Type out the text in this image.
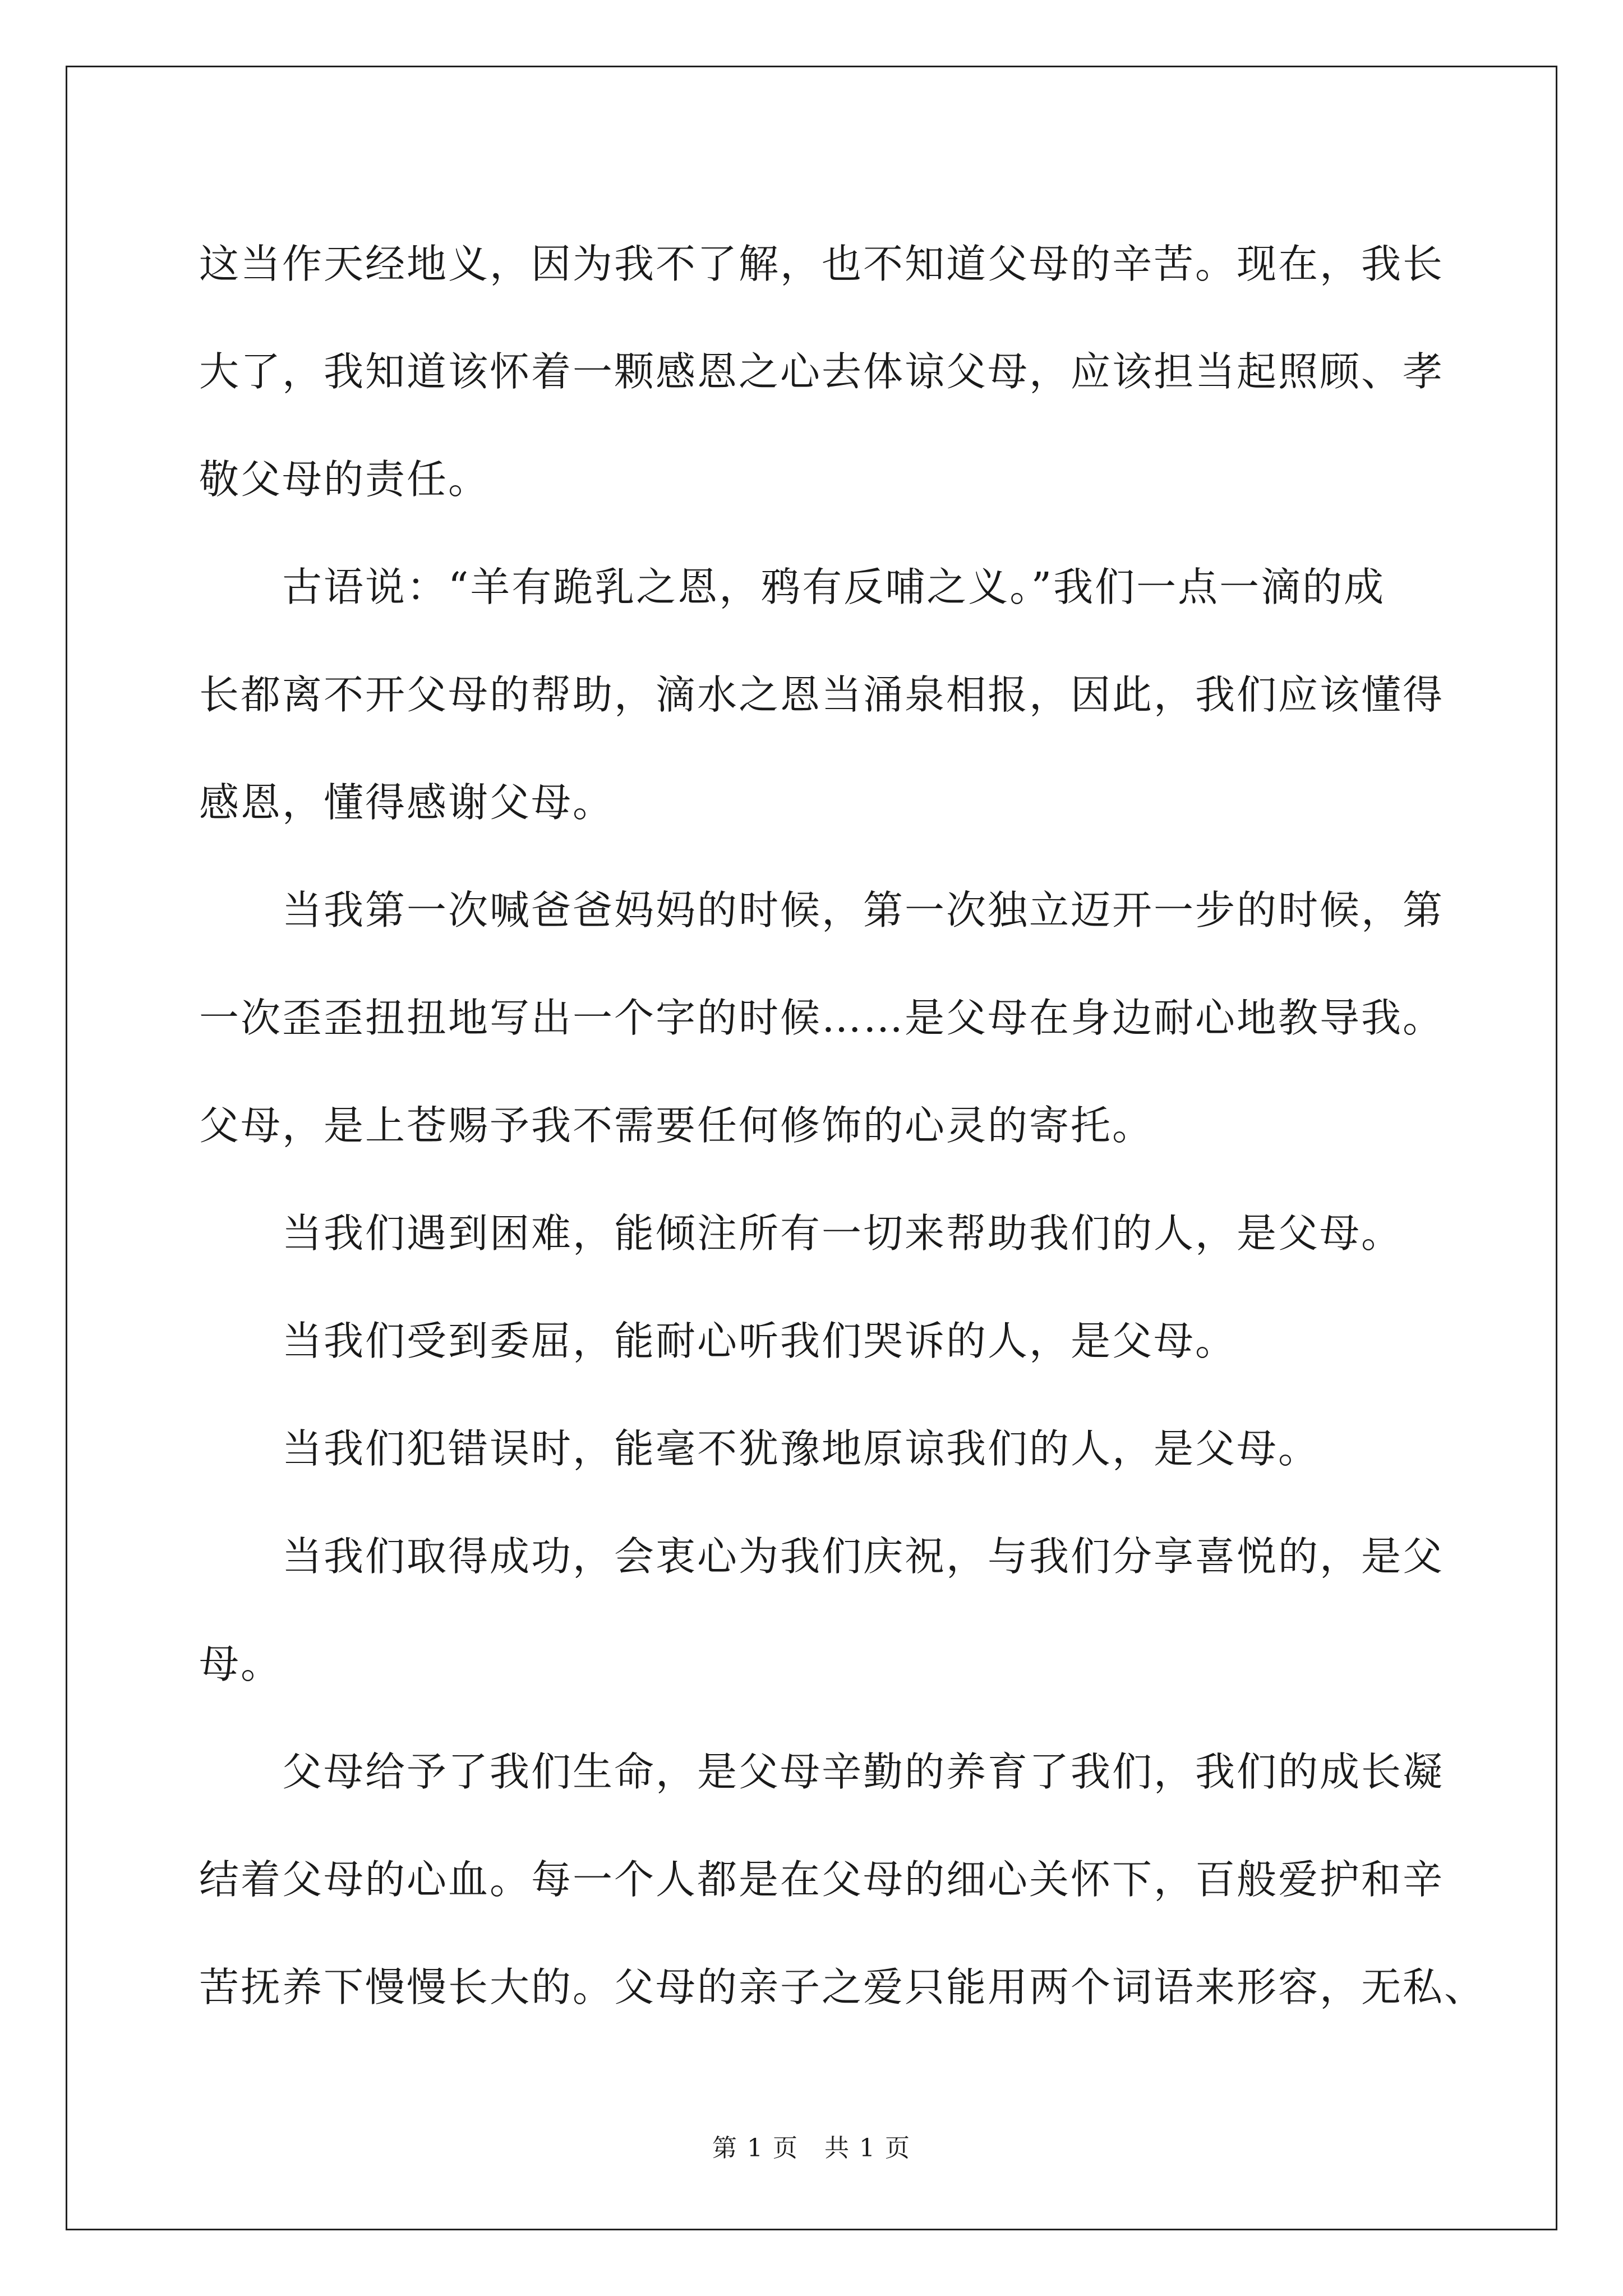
这当作天经地义，因为我不了解，也不知道父母的辛苦。现在，我长
大了，我知道该怀着一颗感恩之心去体谅父母，应该担当起照顾、孝
敬父母的责任。
古语说：“羊有跪乳之恩，鸦有反哺之义。”我们一点一滴的成
长都离不开父母的帮助，滴水之恩当涌泉相报，因此，我们应该懂得
感恩，懂得感谢父母。
当我第一次喊爸爸妈妈的时候，第一次独立迈开一步的时候，第
一次歪歪扭扭地写出一个字的时候……是父母在身边耐心地教导我。
父母，是上苍赐予我不需要任何修饰的心灵的寄托。
当我们遇到困难，能倾注所有一切来帮助我们的人，是父母。
当我们受到委屈，能耐心听我们哭诉的人，是父母。
当我们犯错误时，能毫不犹豫地原谅我们的人，是父母。
当我们取得成功，会衷心为我们庆祝，与我们分享喜悦的，是父
母。
父母给予了我们生命，是父母辛勤的养育了我们，我们的成长凝
结着父母的心血。每一个人都是在父母的细心关怀下，百般爱护和辛
苦抚养下慢慢长大的。父母的亲子之爱只能用两个词语来形容，无私、
第 1 页　共 1 页
